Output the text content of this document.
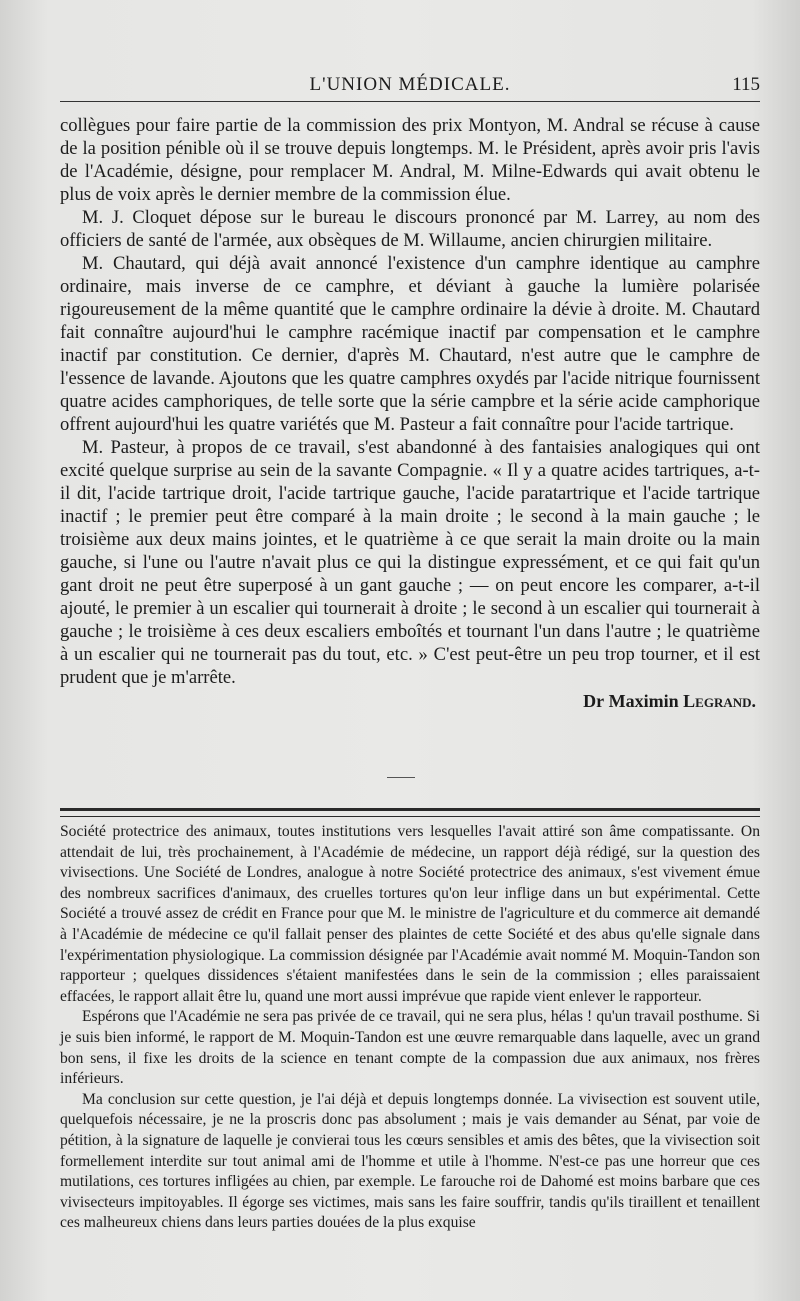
L'UNION MÉDICALE.	115

collègues pour faire partie de la commission des prix Montyon, M. Andral se récuse à cause de la position pénible où il se trouve depuis longtemps. M. le Président, après avoir pris l'avis de l'Académie, désigne, pour remplacer M. Andral, M. Milne-Edwards qui avait obtenu le plus de voix après le dernier membre de la commission élue.

M. J. Cloquet dépose sur le bureau le discours prononcé par M. Larrey, au nom des officiers de santé de l'armée, aux obsèques de M. Willaume, ancien chirurgien militaire.

M. Chautard, qui déjà avait annoncé l'existence d'un camphre identique au camphre ordinaire, mais inverse de ce camphre, et déviant à gauche la lumière polarisée rigoureusement de la même quantité que le camphre ordinaire la dévie à droite. M. Chautard fait connaître aujourd'hui le camphre racémique inactif par compensation et le camphre inactif par constitution. Ce dernier, d'après M. Chautard, n'est autre que le camphre de l'essence de lavande. Ajoutons que les quatre camphres oxydés par l'acide nitrique fournissent quatre acides camphoriques, de telle sorte que la série campbre et la série acide camphorique offrent aujourd'hui les quatre variétés que M. Pasteur a fait connaître pour l'acide tartrique.

M. Pasteur, à propos de ce travail, s'est abandonné à des fantaisies analogiques qui ont excité quelque surprise au sein de la savante Compagnie. « Il y a quatre acides tartriques, a-t-il dit, l'acide tartrique droit, l'acide tartrique gauche, l'acide paratartrique et l'acide tartrique inactif ; le premier peut être comparé à la main droite ; le second à la main gauche ; le troisième aux deux mains jointes, et le quatrième à ce que serait la main droite ou la main gauche, si l'une ou l'autre n'avait plus ce qui la distingue expressément, et ce qui fait qu'un gant droit ne peut être superposé à un gant gauche ; — on peut encore les comparer, a-t-il ajouté, le premier à un escalier qui tournerait à droite ; le second à un escalier qui tournerait à gauche ; le troisième à ces deux escaliers emboîtés et tournant l'un dans l'autre ; le quatrième à un escalier qui ne tournerait pas du tout, etc. » C'est peut-être un peu trop tourner, et il est prudent que je m'arrête.

Dr Maximin Legrand.

Société protectrice des animaux, toutes institutions vers lesquelles l'avait attiré son âme compatissante. On attendait de lui, très prochainement, à l'Académie de médecine, un rapport déjà rédigé, sur la question des vivisections. Une Société de Londres, analogue à notre Société protectrice des animaux, s'est vivement émue des nombreux sacrifices d'animaux, des cruelles tortures qu'on leur inflige dans un but expérimental. Cette Société a trouvé assez de crédit en France pour que M. le ministre de l'agriculture et du commerce ait demandé à l'Académie de médecine ce qu'il fallait penser des plaintes de cette Société et des abus qu'elle signale dans l'expérimentation physiologique. La commission désignée par l'Académie avait nommé M. Moquin-Tandon son rapporteur ; quelques dissidences s'étaient manifestées dans le sein de la commission ; elles paraissaient effacées, le rapport allait être lu, quand une mort aussi imprévue que rapide vient enlever le rapporteur.

Espérons que l'Académie ne sera pas privée de ce travail, qui ne sera plus, hélas ! qu'un travail posthume. Si je suis bien informé, le rapport de M. Moquin-Tandon est une œuvre remarquable dans laquelle, avec un grand bon sens, il fixe les droits de la science en tenant compte de la compassion due aux animaux, nos frères inférieurs.

Ma conclusion sur cette question, je l'ai déjà et depuis longtemps donnée. La vivisection est souvent utile, quelquefois nécessaire, je ne la proscris donc pas absolument ; mais je vais demander au Sénat, par voie de pétition, à la signature de laquelle je convierai tous les cœurs sensibles et amis des bêtes, que la vivisection soit formellement interdite sur tout animal ami de l'homme et utile à l'homme. N'est-ce pas une horreur que ces mutilations, ces tortures infligées au chien, par exemple. Le farouche roi de Dahomé est moins barbare que ces vivisecteurs impitoyables. Il égorge ses victimes, mais sans les faire souffrir, tandis qu'ils tiraillent et tenaillent ces malheureux chiens dans leurs parties douées de la plus exquise
